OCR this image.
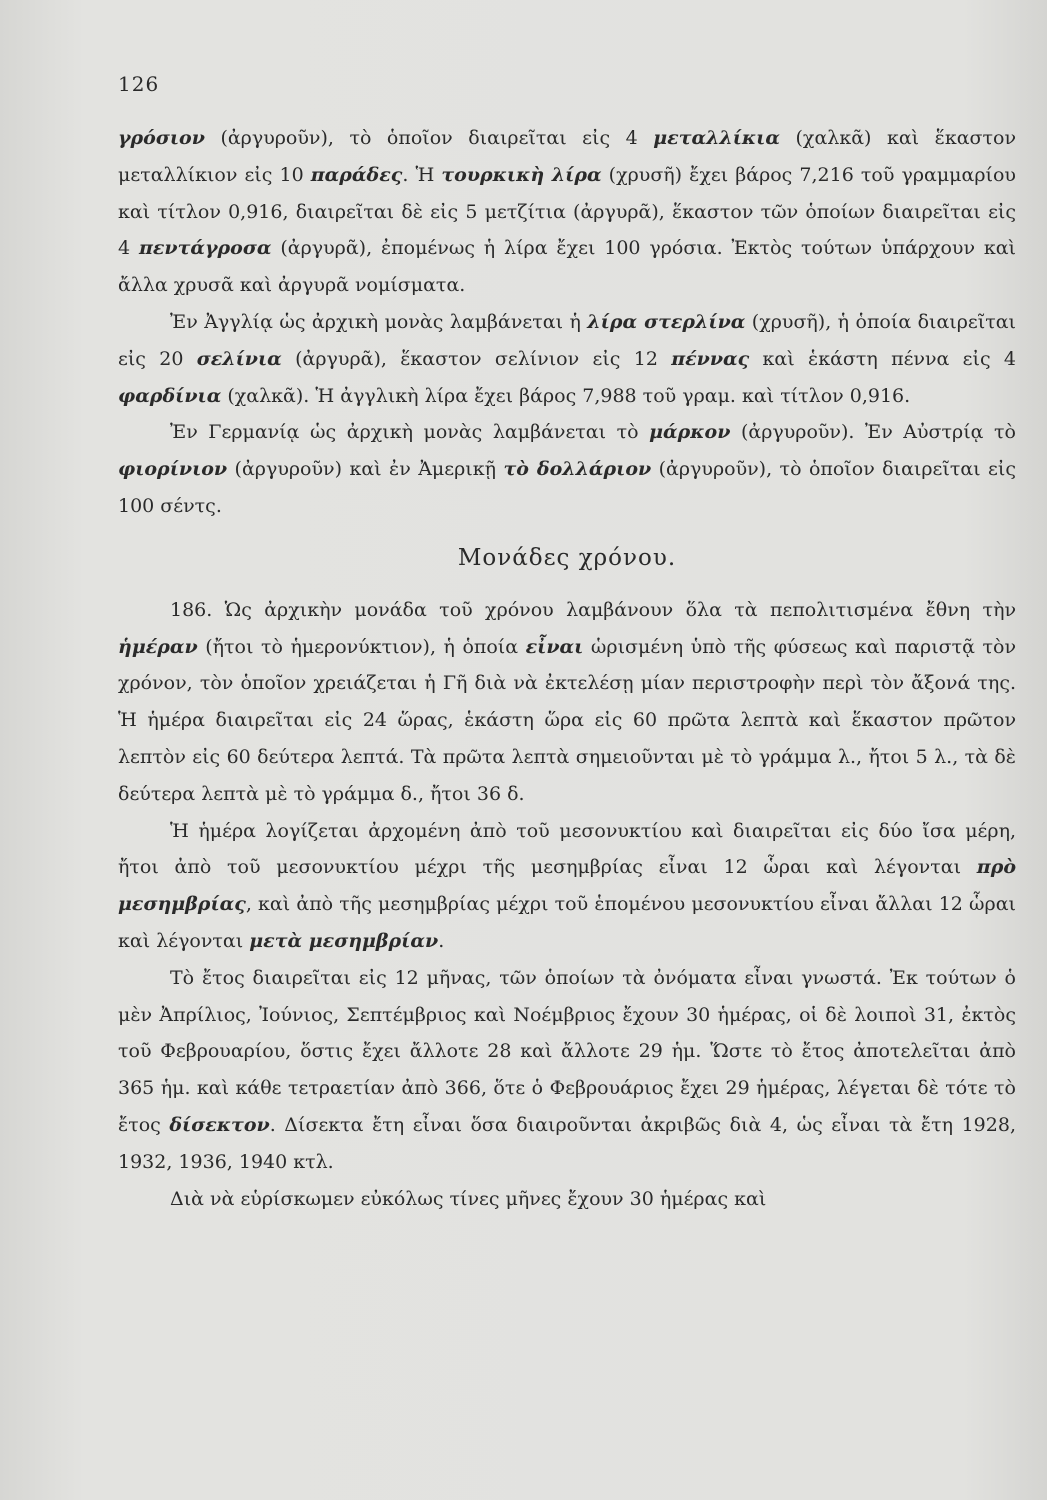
126

γρόσιον (ἀργυροῦν), τὸ ὁποῖον διαιρεῖται εἰς 4 μεταλλίκια (χαλκᾶ) καὶ ἕκαστον μεταλλίκιον εἰς 10 παράδες. Ἡ τουρκικὴ λίρα (χρυσῆ) ἔχει βάρος 7,216 τοῦ γραμμαρίου καὶ τίτλον 0,916, διαιρεῖται δὲ εἰς 5 μετζίτια (ἀργυρᾶ), ἕκαστον τῶν ὁποίων διαιρεῖται εἰς 4 πεντάγροσα (ἀργυρᾶ), ἐπομένως ἡ λίρα ἔχει 100 γρόσια. Ἐκτὸς τούτων ὑπάρχουν καὶ ἄλλα χρυσᾶ καὶ ἀργυρᾶ νομίσματα.

Ἐν Ἀγγλίᾳ ὡς ἀρχικὴ μονὰς λαμβάνεται ἡ λίρα στερλίνα (χρυσῆ), ἡ ὁποία διαιρεῖται εἰς 20 σελίνια (ἀργυρᾶ), ἕκαστον σελίνιον εἰς 12 πέννας καὶ ἑκάστη πέννα εἰς 4 φαρδίνια (χαλκᾶ). Ἡ ἀγγλικὴ λίρα ἔχει βάρος 7,988 τοῦ γραμ. καὶ τίτλον 0,916.

Ἐν Γερμανίᾳ ὡς ἀρχικὴ μονὰς λαμβάνεται τὸ μάρκον (ἀργυροῦν). Ἐν Αὐστρίᾳ τὸ φιορίνιον (ἀργυροῦν) καὶ ἐν Ἀμερικῇ τὸ δολλάριον (ἀργυροῦν), τὸ ὁποῖον διαιρεῖται εἰς 100 σέντς.

Μονάδες χρόνου.

186. Ὡς ἀρχικὴν μονάδα τοῦ χρόνου λαμβάνουν ὅλα τὰ πεπολιτισμένα ἔθνη τὴν ἡμέραν (ἤτοι τὸ ἡμερονύκτιον), ἡ ὁποία εἶναι ὡρισμένη ὑπὸ τῆς φύσεως καὶ παριστᾷ τὸν χρόνον, τὸν ὁποῖον χρειάζεται ἡ Γῆ διὰ νὰ ἐκτελέσῃ μίαν περιστροφὴν περὶ τὸν ἄξονά της. Ἡ ἡμέρα διαιρεῖται εἰς 24 ὥρας, ἑκάστη ὥρα εἰς 60 πρῶτα λεπτὰ καὶ ἕκαστον πρῶτον λεπτὸν εἰς 60 δεύτερα λεπτά. Τὰ πρῶτα λεπτὰ σημειοῦνται μὲ τὸ γράμμα λ., ἤτοι 5 λ., τὰ δὲ δεύτερα λεπτὰ μὲ τὸ γράμμα δ., ἤτοι 36 δ.

Ἡ ἡμέρα λογίζεται ἀρχομένη ἀπὸ τοῦ μεσονυκτίου καὶ διαιρεῖται εἰς δύο ἴσα μέρη, ἤτοι ἀπὸ τοῦ μεσονυκτίου μέχρι τῆς μεσημβρίας εἶναι 12 ὧραι καὶ λέγονται πρὸ μεσημβρίας, καὶ ἀπὸ τῆς μεσημβρίας μέχρι τοῦ ἑπομένου μεσονυκτίου εἶναι ἄλλαι 12 ὧραι καὶ λέγονται μετὰ μεσημβρίαν.

Τὸ ἔτος διαιρεῖται εἰς 12 μῆνας, τῶν ὁποίων τὰ ὀνόματα εἶναι γνωστά. Ἐκ τούτων ὁ μὲν Ἀπρίλιος, Ἰούνιος, Σεπτέμβριος καὶ Νοέμβριος ἔχουν 30 ἡμέρας, οἱ δὲ λοιποὶ 31, ἐκτὸς τοῦ Φεβρουαρίου, ὅστις ἔχει ἄλλοτε 28 καὶ ἄλλοτε 29 ἡμ. Ὥστε τὸ ἔτος ἀποτελεῖται ἀπὸ 365 ἡμ. καὶ κάθε τετραετίαν ἀπὸ 366, ὅτε ὁ Φεβρουάριος ἔχει 29 ἡμέρας, λέγεται δὲ τότε τὸ ἔτος δίσεκτον. Δίσεκτα ἔτη εἶναι ὅσα διαιροῦνται ἀκριβῶς διὰ 4, ὡς εἶναι τὰ ἔτη 1928, 1932, 1936, 1940 κτλ.

Διὰ νὰ εὑρίσκωμεν εὐκόλως τίνες μῆνες ἔχουν 30 ἡμέρας καὶ
